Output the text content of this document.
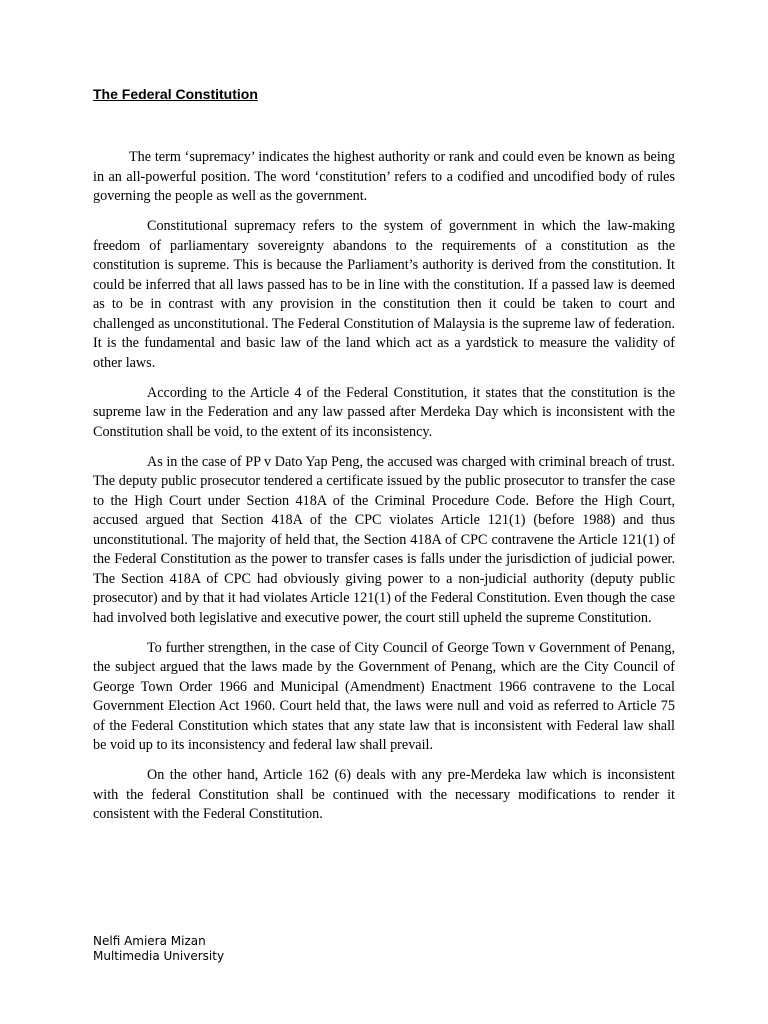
The Federal Constitution

The term ‘supremacy’ indicates the highest authority or rank and could even be known as being in an all-powerful position. The word ‘constitution’ refers to a codified and uncodified body of rules governing the people as well as the government.

Constitutional supremacy refers to the system of government in which the law-making freedom of parliamentary sovereignty abandons to the requirements of a constitution as the constitution is supreme. This is because the Parliament’s authority is derived from the constitution. It could be inferred that all laws passed has to be in line with the constitution. If a passed law is deemed as to be in contrast with any provision in the constitution then it could be taken to court and challenged as unconstitutional. The Federal Constitution of Malaysia is the supreme law of federation. It is the fundamental and basic law of the land which act as a yardstick to measure the validity of other laws.

According to the Article 4 of the Federal Constitution, it states that the constitution is the supreme law in the Federation and any law passed after Merdeka Day which is inconsistent with the Constitution shall be void, to the extent of its inconsistency.

As in the case of PP v Dato Yap Peng, the accused was charged with criminal breach of trust. The deputy public prosecutor tendered a certificate issued by the public prosecutor to transfer the case to the High Court under Section 418A of the Criminal Procedure Code. Before the High Court, accused argued that Section 418A of the CPC violates Article 121(1) (before 1988) and thus unconstitutional. The majority of held that, the Section 418A of CPC contravene the Article 121(1) of the Federal Constitution as the power to transfer cases is falls under the jurisdiction of judicial power. The Section 418A of CPC had obviously giving power to a non-judicial authority (deputy public prosecutor) and by that it had violates Article 121(1) of the Federal Constitution. Even though the case had involved both legislative and executive power, the court still upheld the supreme Constitution.

To further strengthen, in the case of City Council of George Town v Government of Penang, the subject argued that the laws made by the Government of Penang, which are the City Council of George Town Order 1966 and Municipal (Amendment) Enactment 1966 contravene to the Local Government Election Act 1960. Court held that, the laws were null and void as referred to Article 75 of the Federal Constitution which states that any state law that is inconsistent with Federal law shall be void up to its inconsistency and federal law shall prevail.

On the other hand, Article 162 (6) deals with any pre-Merdeka law which is inconsistent with the federal Constitution shall be continued with the necessary modifications to render it consistent with the Federal Constitution.

Nelfi Amiera Mizan
Multimedia University
